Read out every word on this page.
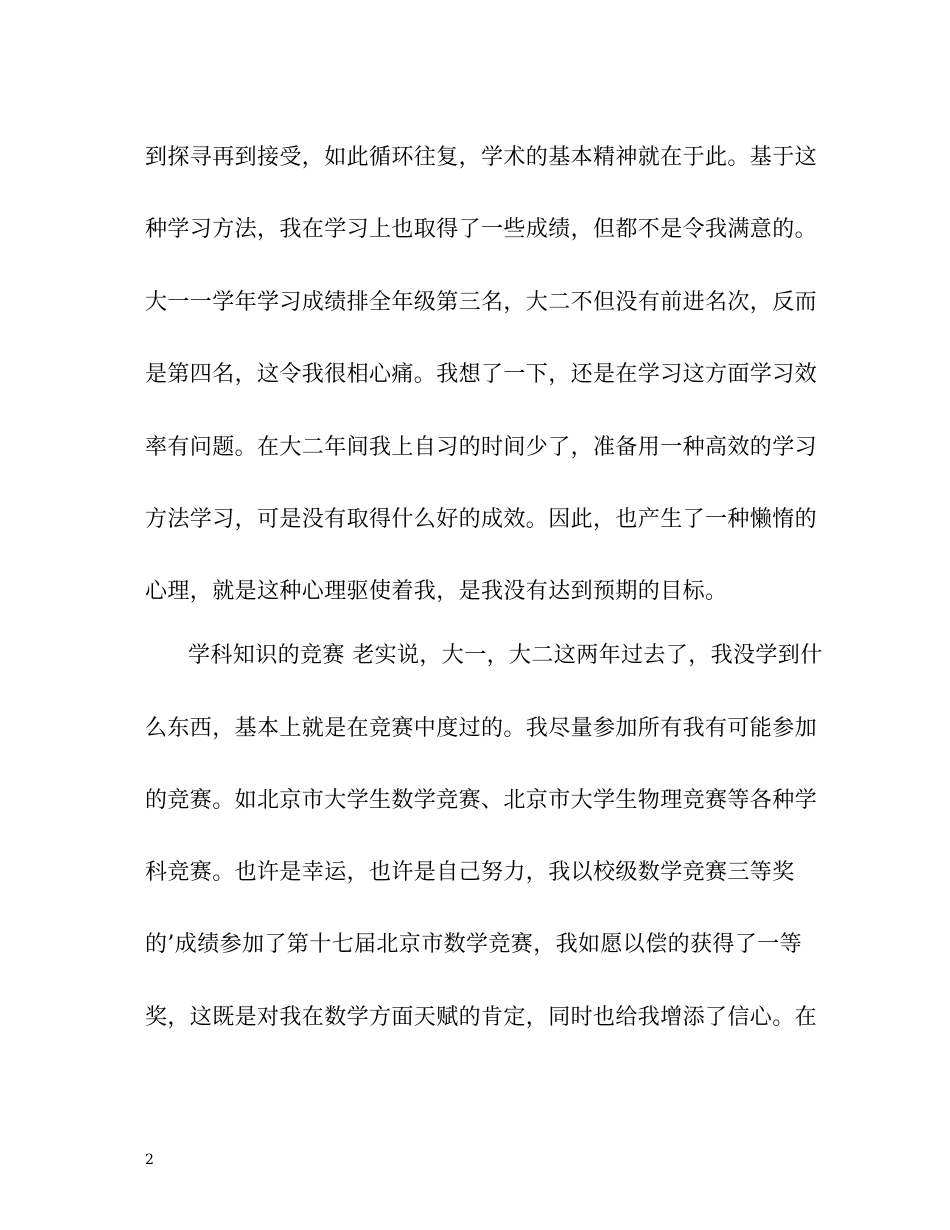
到探寻再到接受，如此循环往复，学术的基本精神就在于此。基于这
种学习方法，我在学习上也取得了一些成绩，但都不是令我满意的。
大一一学年学习成绩排全年级第三名，大二不但没有前进名次，反而
是第四名，这令我很相心痛。我想了一下，还是在学习这方面学习效
率有问题。在大二年间我上自习的时间少了，准备用一种高效的学习
方法学习，可是没有取得什么好的成效。因此，也产生了一种懒惰的
心理，就是这种心理驱使着我，是我没有达到预期的目标。
学科知识的竞赛 老实说，大一，大二这两年过去了，我没学到什
么东西，基本上就是在竞赛中度过的。我尽量参加所有我有可能参加
的竞赛。如北京市大学生数学竞赛、北京市大学生物理竞赛等各种学
科竞赛。也许是幸运，也许是自己努力，我以校级数学竞赛三等奖
的’成绩参加了第十七届北京市数学竞赛，我如愿以偿的获得了一等
奖，这既是对我在数学方面天赋的肯定，同时也给我增添了信心。在
2
